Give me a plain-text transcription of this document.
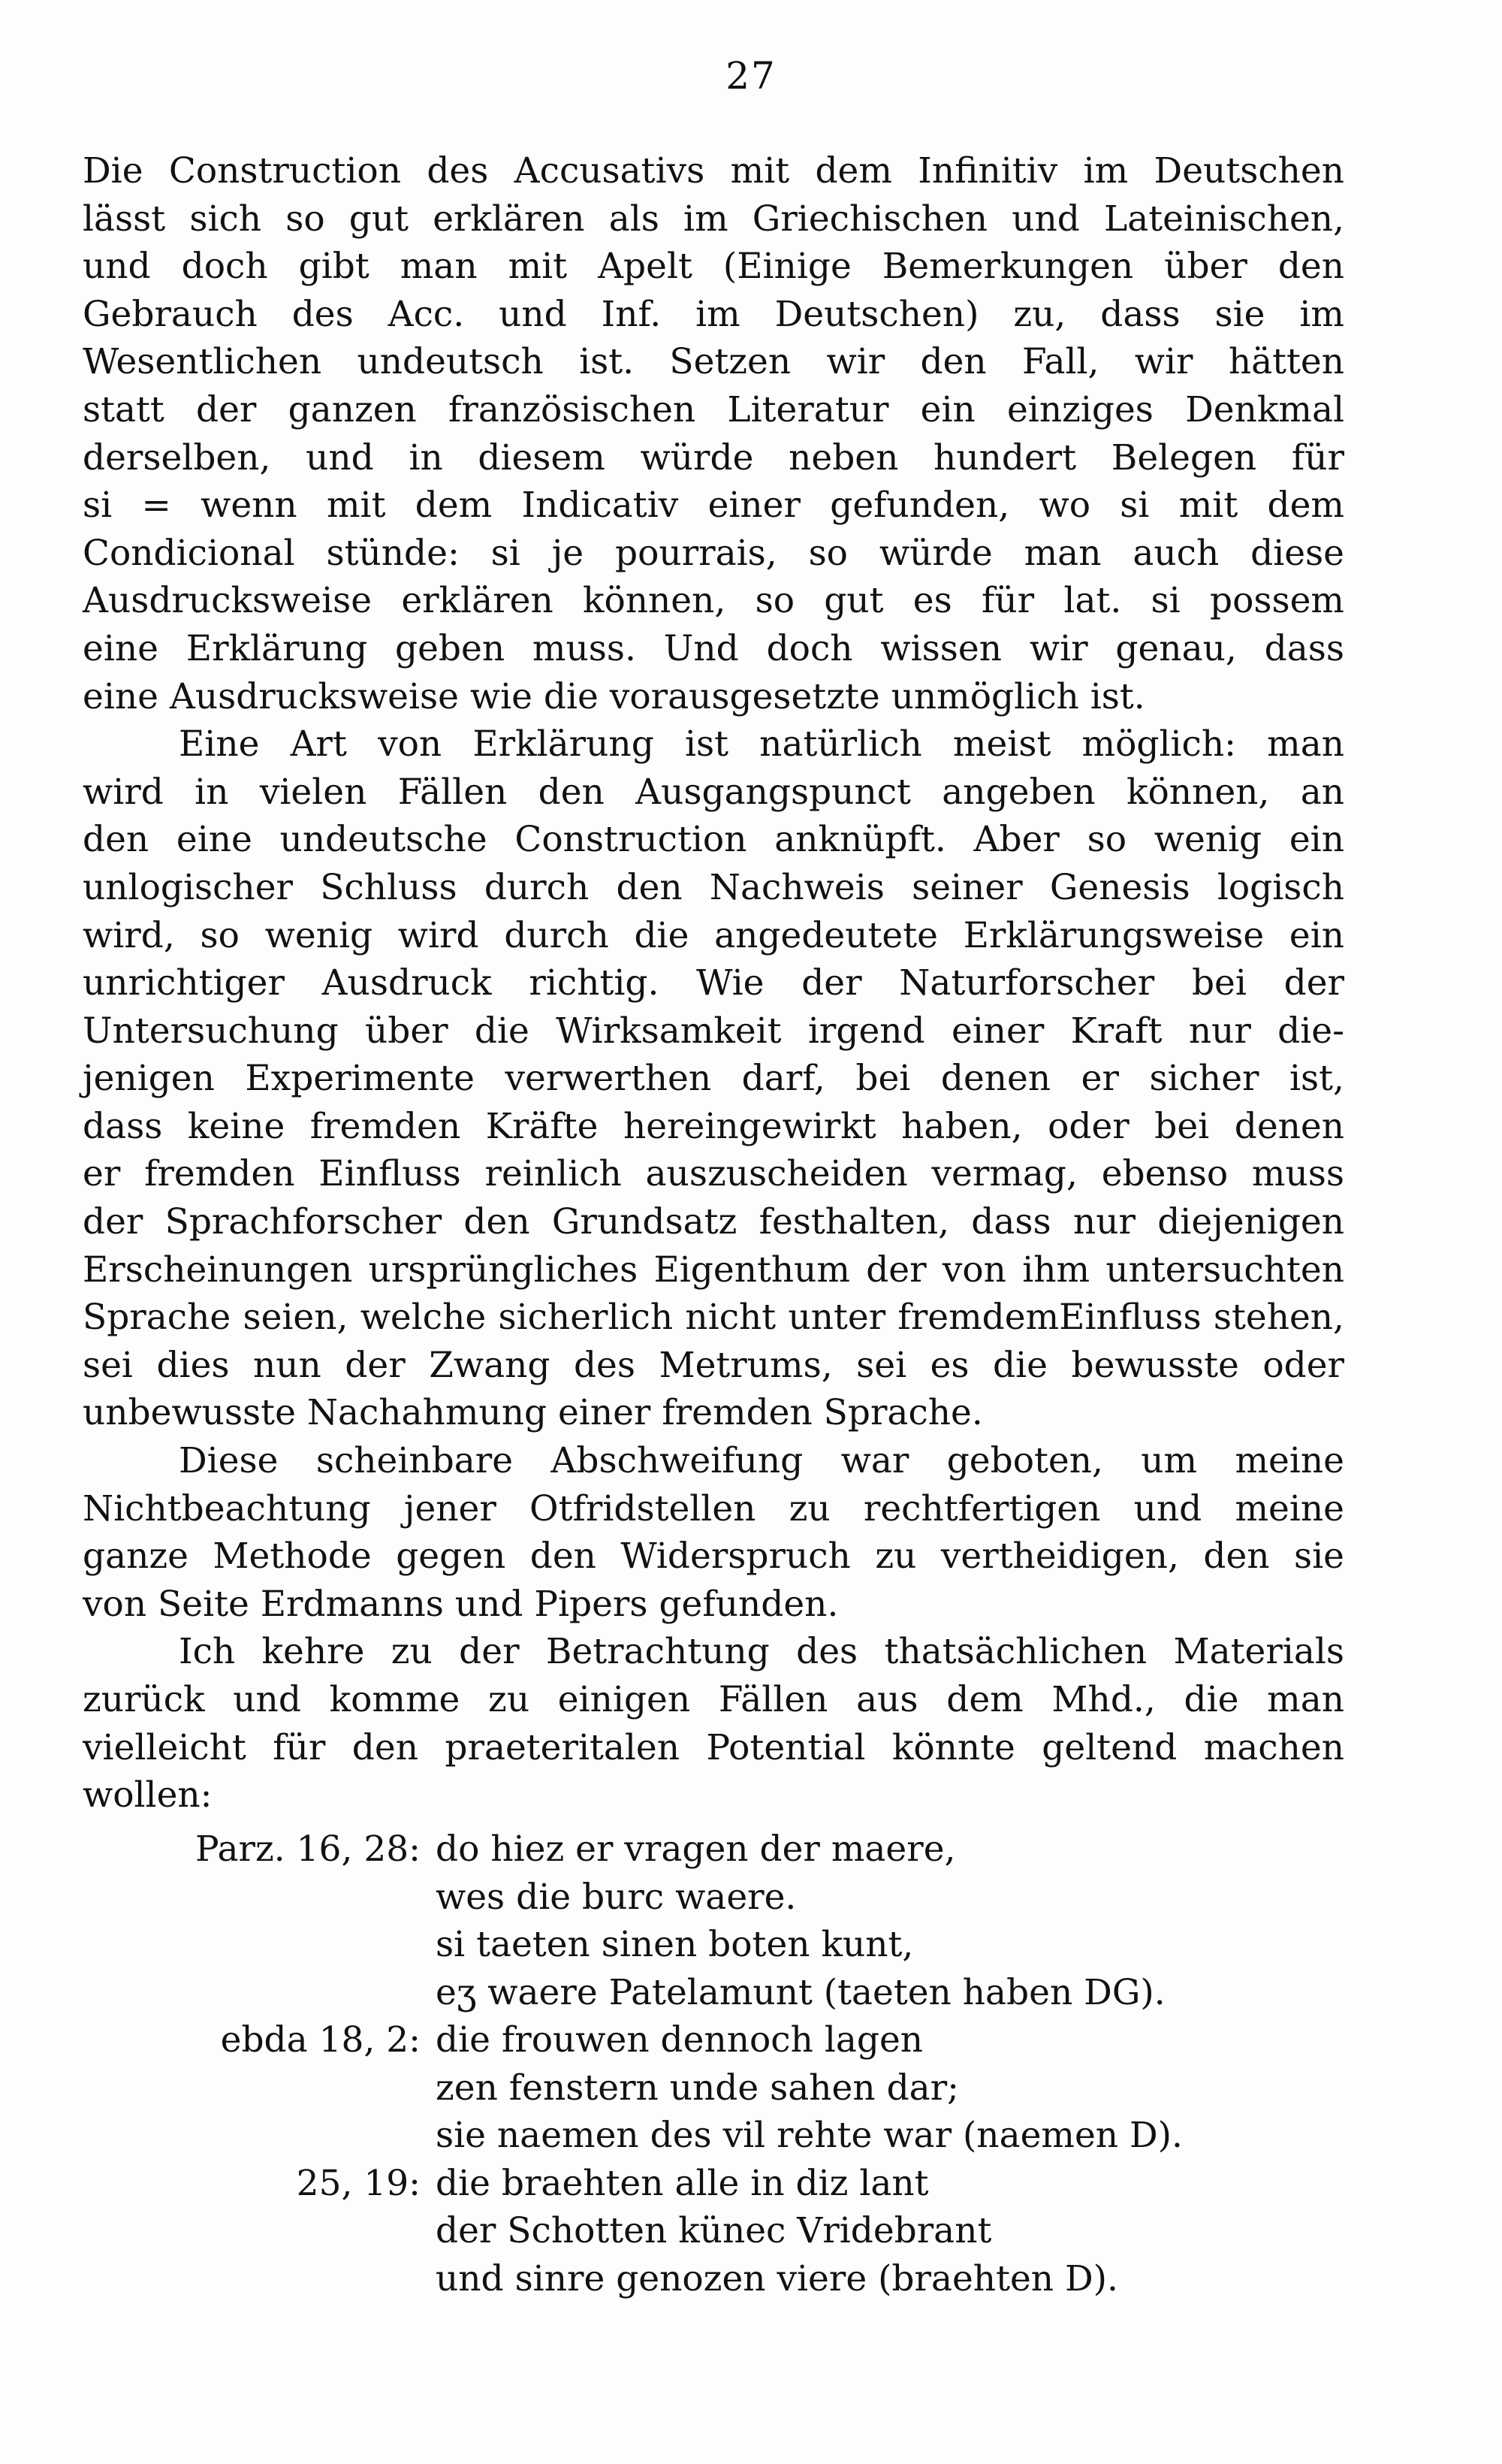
27
Die Construction des Accusativs mit dem Infinitiv im Deutschen
lässt sich so gut erklären als im Griechischen und Lateinischen,
und doch gibt man mit Apelt (Einige Bemerkungen über den
Gebrauch des Acc. und Inf. im Deutschen) zu, dass sie im
Wesentlichen undeutsch ist. Setzen wir den Fall, wir hätten
statt der ganzen französischen Literatur ein einziges Denkmal
derselben, und in diesem würde neben hundert Belegen für
si = wenn mit dem Indicativ einer gefunden, wo si mit dem
Condicional stünde: si je pourrais, so würde man auch diese
Ausdrucksweise erklären können, so gut es für lat. si possem
eine Erklärung geben muss. Und doch wissen wir genau, dass
eine Ausdrucksweise wie die vorausgesetzte unmöglich ist.
Eine Art von Erklärung ist natürlich meist möglich: man
wird in vielen Fällen den Ausgangspunct angeben können, an
den eine undeutsche Construction anknüpft. Aber so wenig ein
unlogischer Schluss durch den Nachweis seiner Genesis logisch
wird, so wenig wird durch die angedeutete Erklärungsweise ein
unrichtiger Ausdruck richtig. Wie der Naturforscher bei der
Untersuchung über die Wirksamkeit irgend einer Kraft nur die-
jenigen Experimente verwerthen darf, bei denen er sicher ist,
dass keine fremden Kräfte hereingewirkt haben, oder bei denen
er fremden Einfluss reinlich auszuscheiden vermag, ebenso muss
der Sprachforscher den Grundsatz festhalten, dass nur diejenigen
Erscheinungen ursprüngliches Eigenthum der von ihm untersuchten
Sprache seien, welche sicherlich nicht unter fremdemEinfluss stehen,
sei dies nun der Zwang des Metrums, sei es die bewusste oder
unbewusste Nachahmung einer fremden Sprache.
Diese scheinbare Abschweifung war geboten, um meine
Nichtbeachtung jener Otfridstellen zu rechtfertigen und meine
ganze Methode gegen den Widerspruch zu vertheidigen, den sie
von Seite Erdmanns und Pipers gefunden.
Ich kehre zu der Betrachtung des thatsächlichen Materials
zurück und komme zu einigen Fällen aus dem Mhd., die man
vielleicht für den praeteritalen Potential könnte geltend machen
wollen:
Parz. 16, 28: do hiez er vragen der maere,
wes die burc waere.
si taeten sinen boten kunt,
eʒ waere Patelamunt (taeten haben DG).
ebda 18, 2: die frouwen dennoch lagen
zen fenstern unde sahen dar;
sie naemen des vil rehte war (naemen D).
25, 19: die braehten alle in diz lant
der Schotten künec Vridebrant
und sinre genozen viere (braehten D).
